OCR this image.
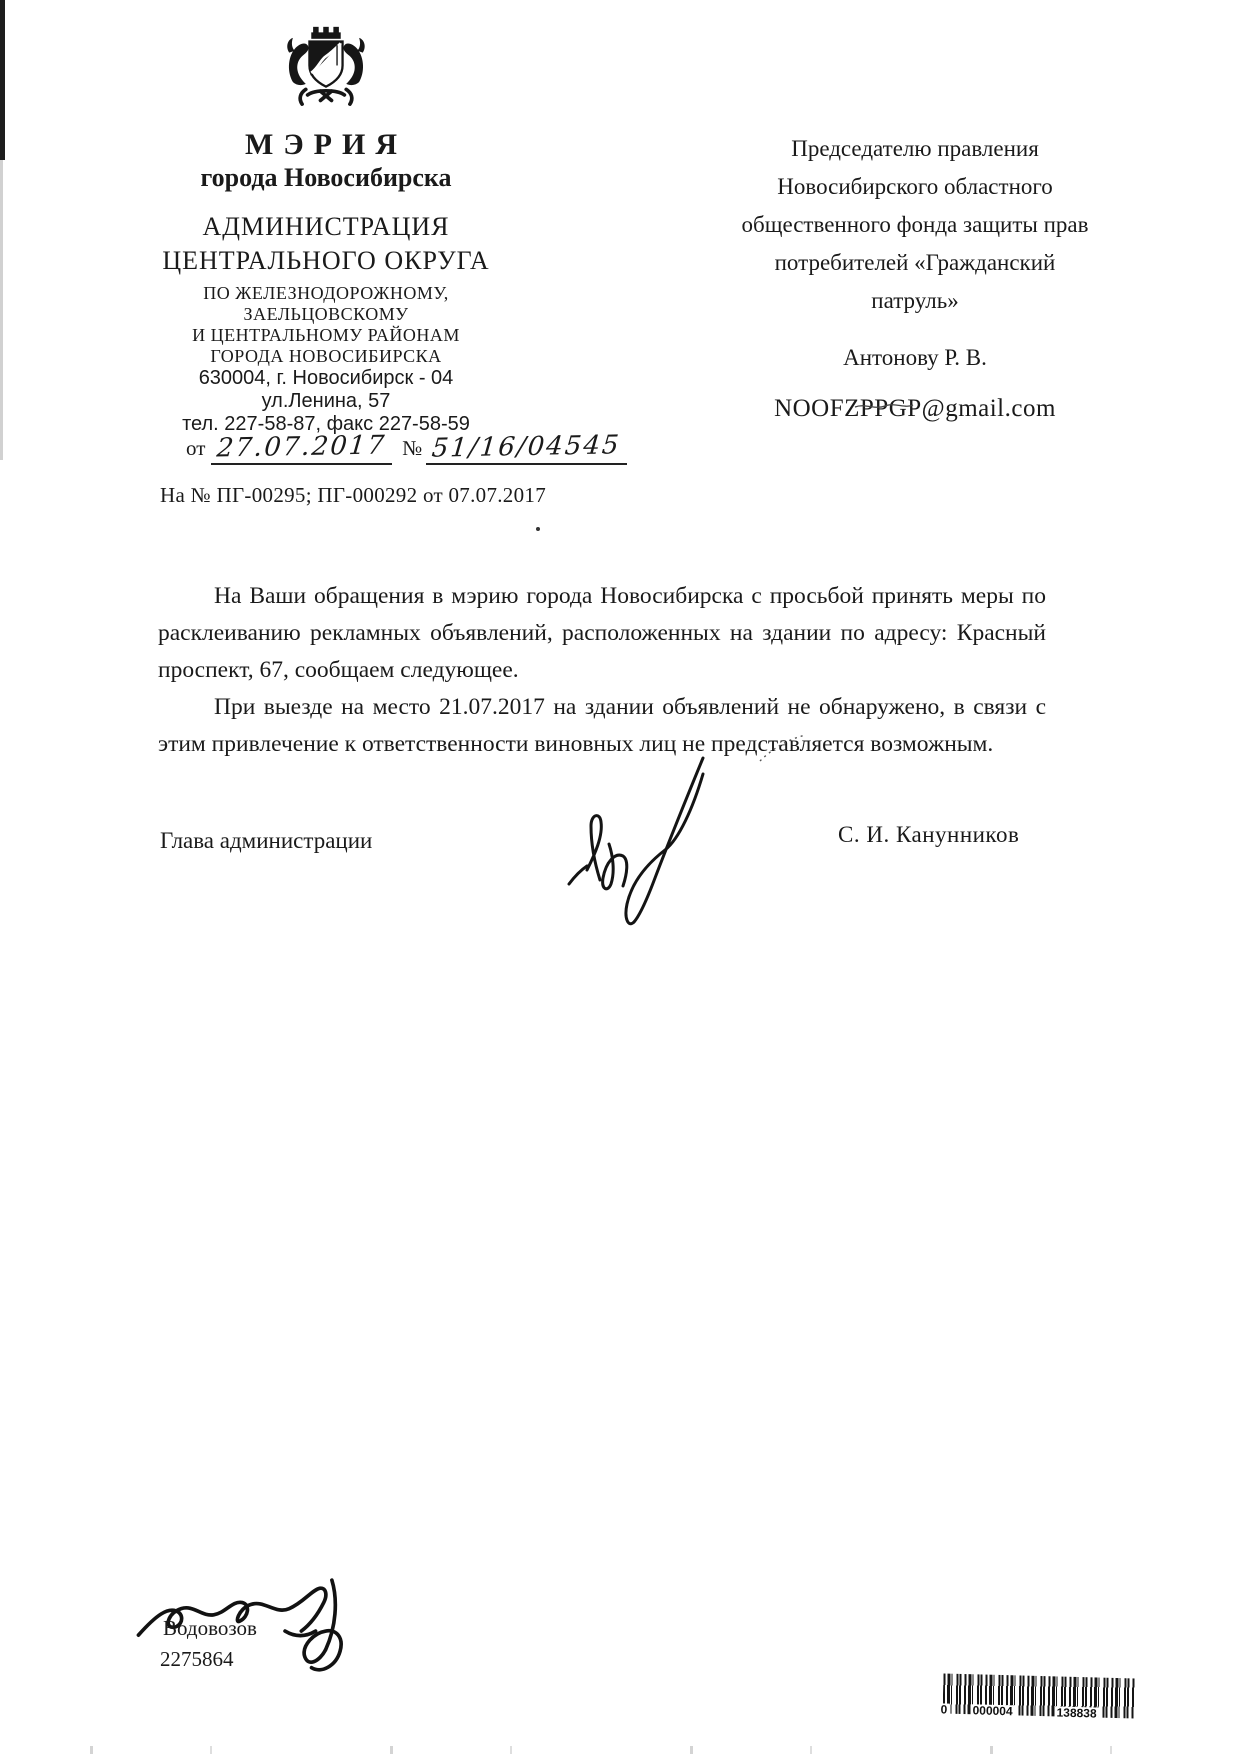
МЭРИЯ
города Новосибирска
АДМИНИСТРАЦИЯ
ЦЕНТРАЛЬНОГО ОКРУГА
ПО ЖЕЛЕЗНОДОРОЖНОМУ,
ЗАЕЛЬЦОВСКОМУ
И ЦЕНТРАЛЬНОМУ РАЙОНАМ
ГОРОДА НОВОСИБИРСКА
630004, г. Новосибирск - 04
ул.Ленина, 57
тел. 227-58-87, факс 227-58-59
от 27.07.2017 № 51/16/04545
На № ПГ-00295; ПГ-000292 от 07.07.2017
Председателю правления
Новосибирского областного
общественного фонда защиты прав
потребителей «Гражданский
патруль»
Антонову Р. В.
NOOFZPPGP@gmail.com

На Ваши обращения в мэрию города Новосибирска с просьбой принять меры по расклеиванию рекламных объявлений, расположенных на здании по адресу: Красный проспект, 67, сообщаем следующее.

При выезде на место 21.07.2017 на здании объявлений не обнаружено, в связи с этим привлечение к ответственности виновных лиц не представляется возможным.

Глава администрации	С. И. Канунников
Водовозов
2275864
0 000004	138838
